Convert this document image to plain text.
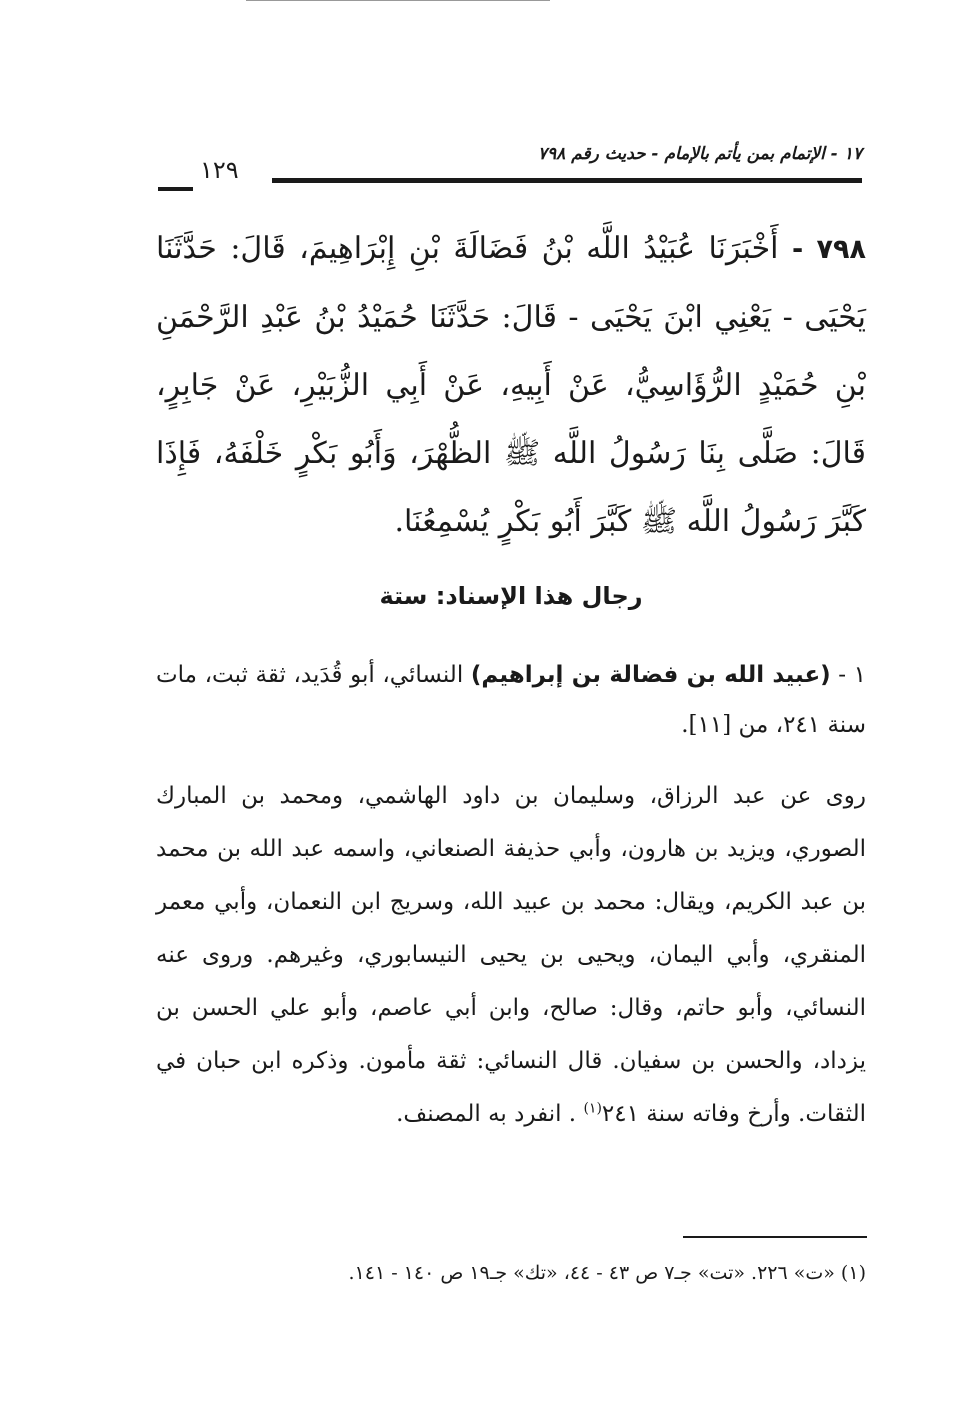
١٧ - الإتمام بمن يأتم بالإمام - حديث رقم ٧٩٨
١٢٩

٧٩٨ - أَخْبَرَنَا عُبَيْدُ اللَّه بْنُ فَضَالَةَ بْنِ إِبْرَاهِيمَ، قَالَ: حَدَّثَنَا يَحْيَى - يَعْنِي ابْنَ يَحْيَى - قَالَ: حَدَّثَنَا حُمَيْدُ بْنُ عَبْدِ الرَّحْمَنِ بْنِ حُمَيْدٍ الرُّؤَاسِيُّ، عَنْ أَبِيهِ، عَنْ أَبِي الزُّبَيْرِ، عَنْ جَابِرٍ، قَالَ: صَلَّى بِنَا رَسُولُ اللَّه ﷺ الظُّهْرَ، وَأَبُو بَكْرٍ خَلْفَهُ، فَإِذَا كَبَّرَ رَسُولُ اللَّه ﷺ كَبَّرَ أَبُو بَكْرٍ يُسْمِعُنَا.

رجال هذا الإسناد: ستة

١ - (عبيد الله بن فضالة بن إبراهيم) النسائي، أبو قُدَيد، ثقة ثبت، مات سنة ٢٤١، من [١١].

روى عن عبد الرزاق، وسليمان بن داود الهاشمي، ومحمد بن المبارك الصوري، ويزيد بن هارون، وأبي حذيفة الصنعاني، واسمه عبد الله بن محمد بن عبد الكريم، ويقال: محمد بن عبيد الله، وسريج ابن النعمان، وأبي معمر المنقري، وأبي اليمان، ويحيى بن يحيى النيسابوري، وغيرهم. وروى عنه النسائي، وأبو حاتم، وقال: صالح، وابن أبي عاصم، وأبو علي الحسن بن يزداد، والحسن بن سفيان. قال النسائي: ثقة مأمون. وذكره ابن حبان في الثقات. وأرخ وفاته سنة ٢٤١$^{(١)}$ . انفرد به المصنف.

(١) «ت» ٢٢٦. «تت» جـ٧ ص ٤٣ - ٤٤، «تك» جـ١٩ ص ١٤٠ - ١٤١.
